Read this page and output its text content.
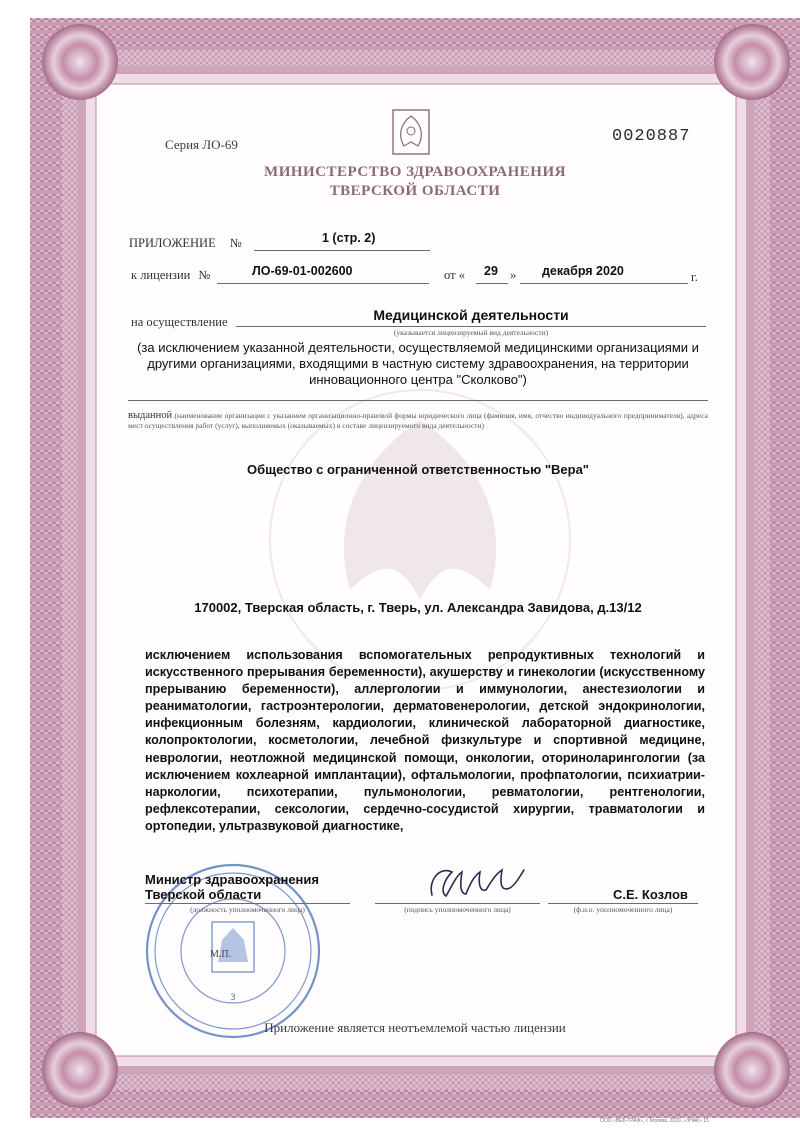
3
Серия ЛО-69	0020887
МИНИСТЕРСТВО ЗДРАВООХРАНЕНИЯ
ТВЕРСКОЙ ОБЛАСТИ
ПРИЛОЖЕНИЕ №	1 (стр. 2)
к лицензии №	ЛО-69-01-002600	от « 29 » декабря 2020	г.
на осуществление	Медицинской деятельности
(указывается лицензируемый вид деятельности)
(за исключением указанной деятельности, осуществляемой медицинскими организациями и другими организациями, входящими в частную систему здравоохранения, на территории инновационного центра "Сколково")
выданной (наименование организации с указанием организационно-правовой формы юридического лица (фамилия, имя, отчество индивидуального предпринимателя), адреса мест осуществления работ (услуг), выполняемых (оказываемых) в составе лицензируемого вида деятельности)
Общество с ограниченной ответственностью "Вера"
170002, Тверская область, г. Тверь, ул. Александра Завидова, д.13/12
исключением использования вспомогательных репродуктивных технологий и искусственного прерывания беременности), акушерству и гинекологии (искусственному прерыванию беременности), аллергологии и иммунологии, анестезиологии и реаниматологии, гастроэнтерологии, дерматовенерологии, детской эндокринологии, инфекционным болезням, кардиологии, клинической лабораторной диагностике, колопроктологии, косметологии, лечебной физкультуре и спортивной медицине, неврологии, неотложной медицинской помощи, онкологии, оториноларингологии (за исключением кохлеарной имплантации), офтальмологии, профпатологии, психиатрии-наркологии, психотерапии, пульмонологии, ревматологии, рентгенологии, рефлексотерапии, сексологии, сердечно-сосудистой хирургии, травматологии и ортопедии, ультразвуковой диагностике,
Министр здравоохранения
Тверской области
(должность уполномоченного лица)	(подпись уполномоченного лица)
С.Е. Козлов
(ф.и.о. уполномоченного лица)
М.П.
Приложение является неотъемлемой частью лицензии
ООО «ВЕБ-ГРАФ», г. Москва, 2020, «ЗНАК» 15
